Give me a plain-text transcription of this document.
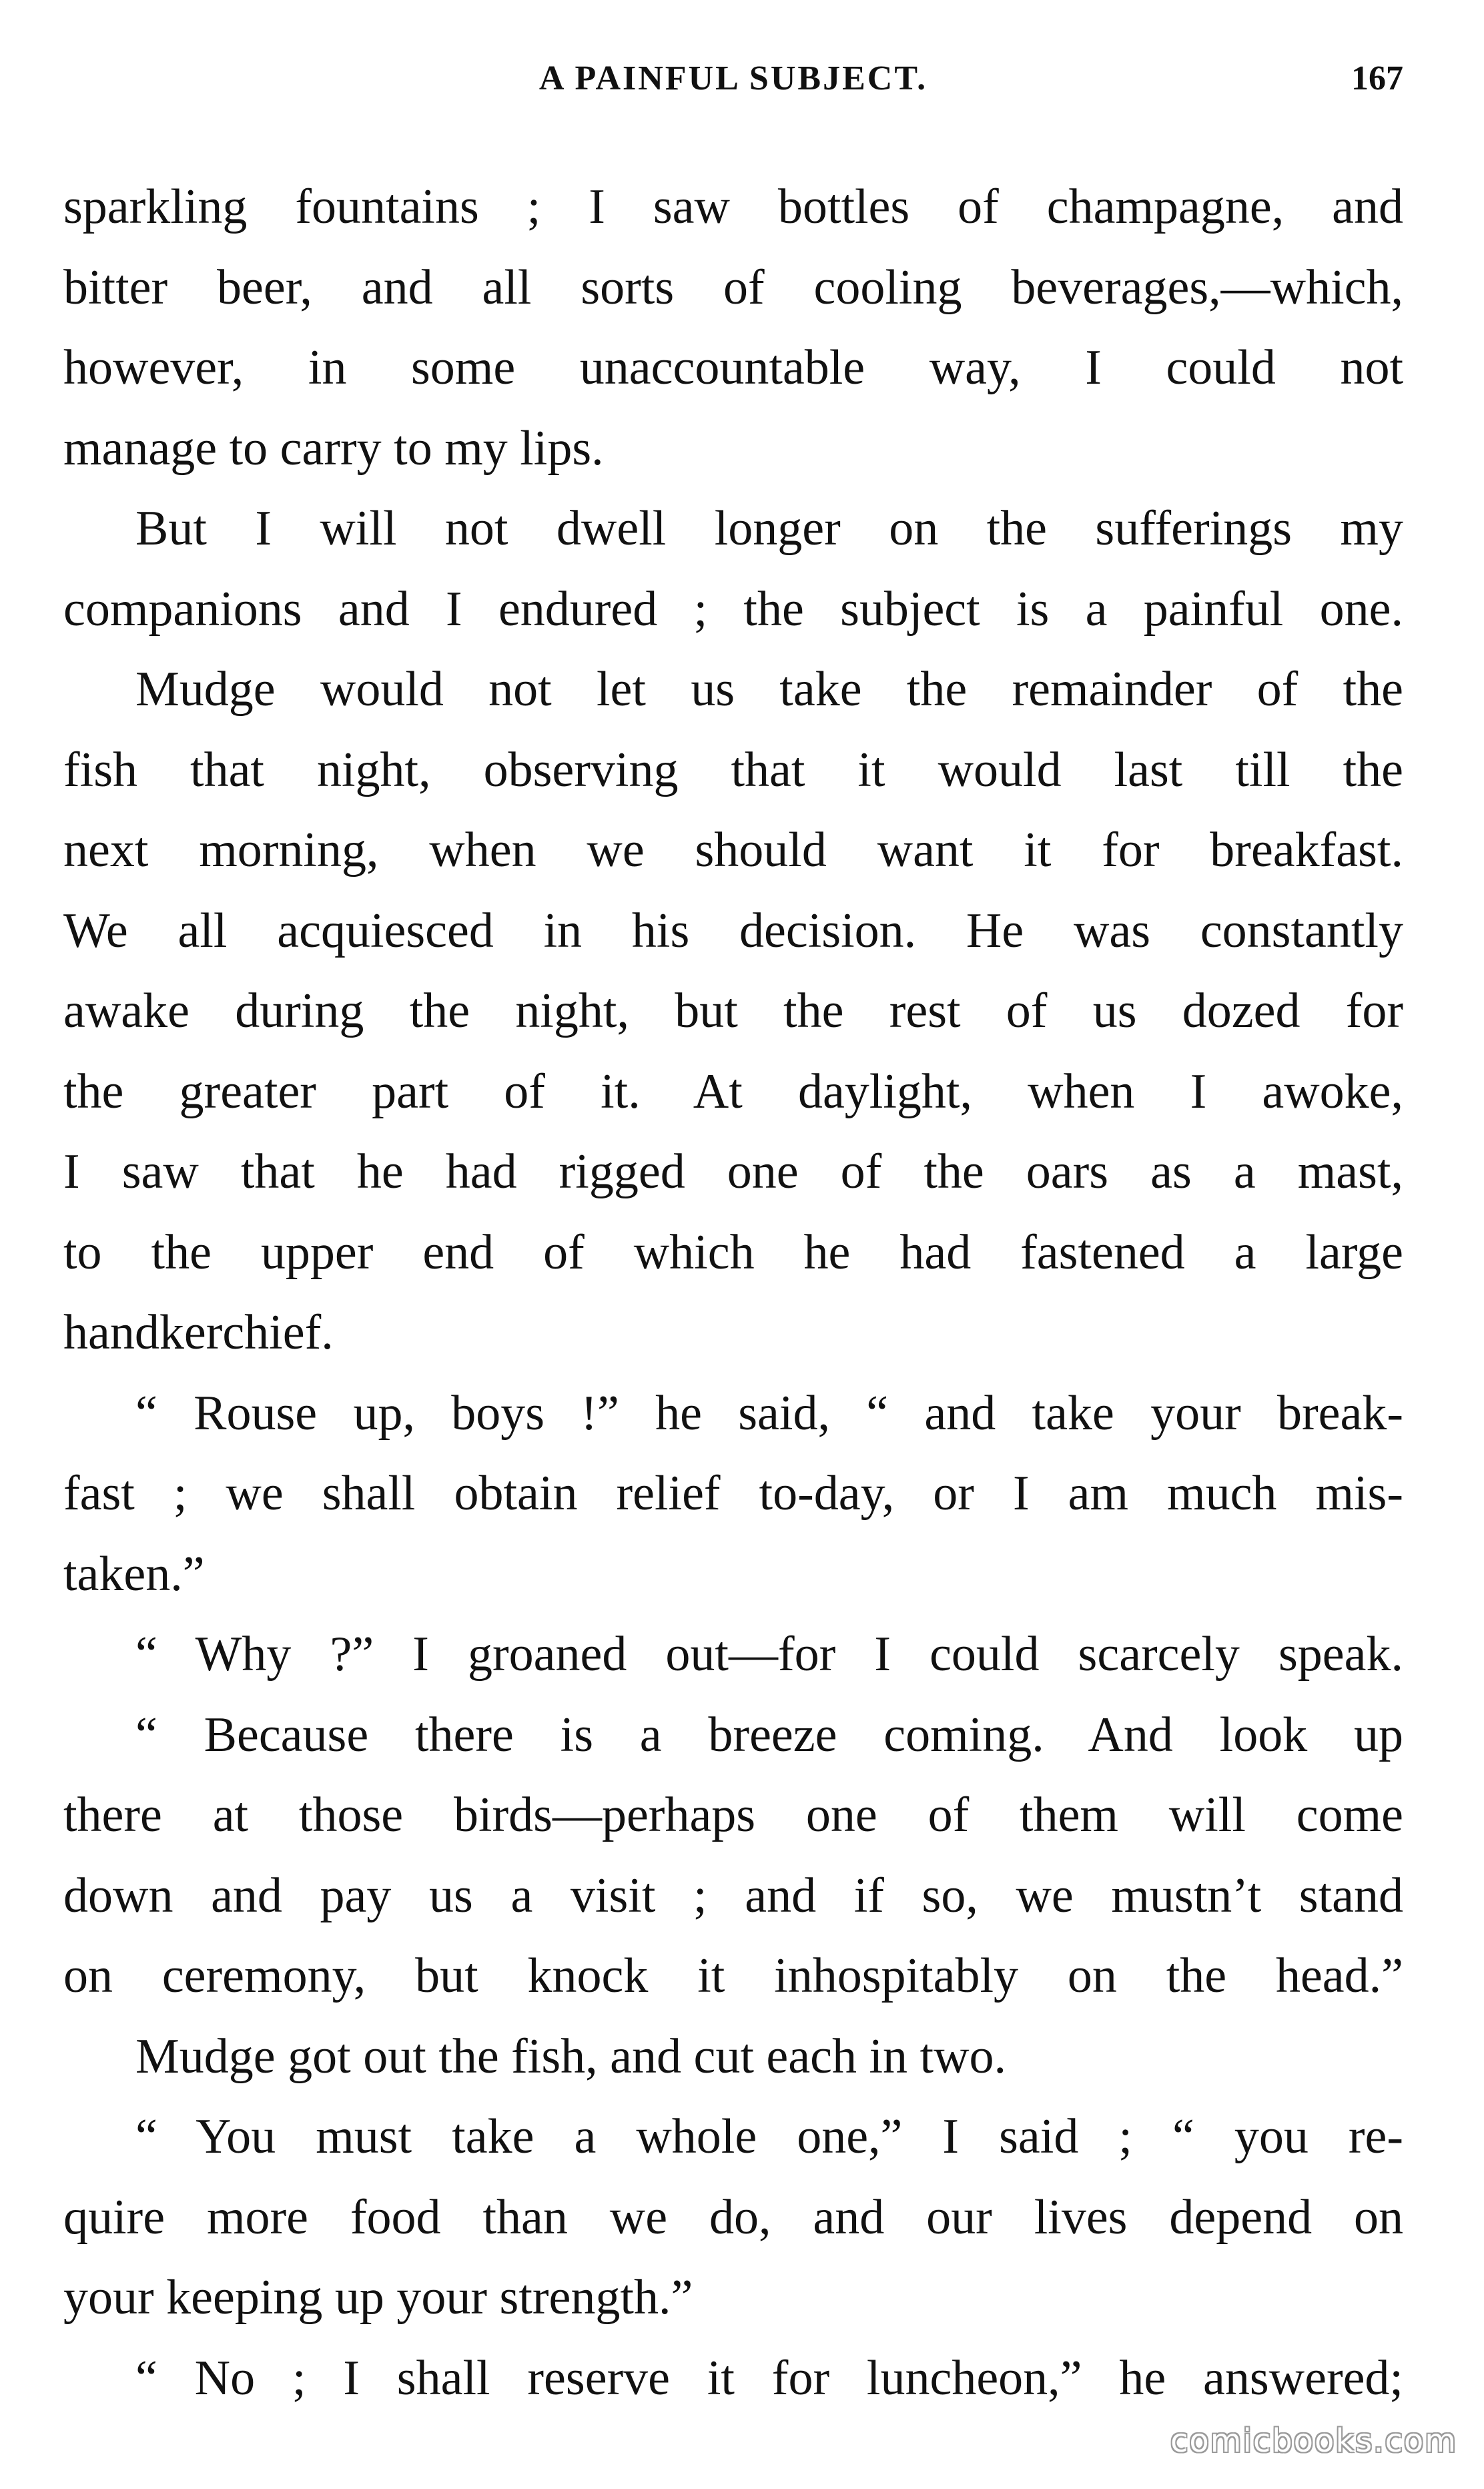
A PAINFUL SUBJECT.	167
sparkling fountains ; I saw bottles of champagne, and
bitter beer, and all sorts of cooling beverages,—which,
however, in some unaccountable way, I could not
manage to carry to my lips.
But I will not dwell longer on the sufferings my
companions and I endured ; the subject is a painful one.
Mudge would not let us take the remainder of the
fish that night, observing that it would last till the
next morning, when we should want it for breakfast.
We all acquiesced in his decision. He was constantly
awake during the night, but the rest of us dozed for
the greater part of it. At daylight, when I awoke,
I saw that he had rigged one of the oars as a mast,
to the upper end of which he had fastened a large
handkerchief.
“ Rouse up, boys !” he said, “ and take your break-
fast ; we shall obtain relief to-day, or I am much mis-
taken.”
“ Why ?” I groaned out—for I could scarcely speak.
“ Because there is a breeze coming. And look up
there at those birds—perhaps one of them will come
down and pay us a visit ; and if so, we mustn’t stand
on ceremony, but knock it inhospitably on the head.”
Mudge got out the fish, and cut each in two.
“ You must take a whole one,” I said ; “ you re-
quire more food than we do, and our lives depend on
your keeping up your strength.”
“ No ; I shall reserve it for luncheon,” he answered;
comicbooks.com
